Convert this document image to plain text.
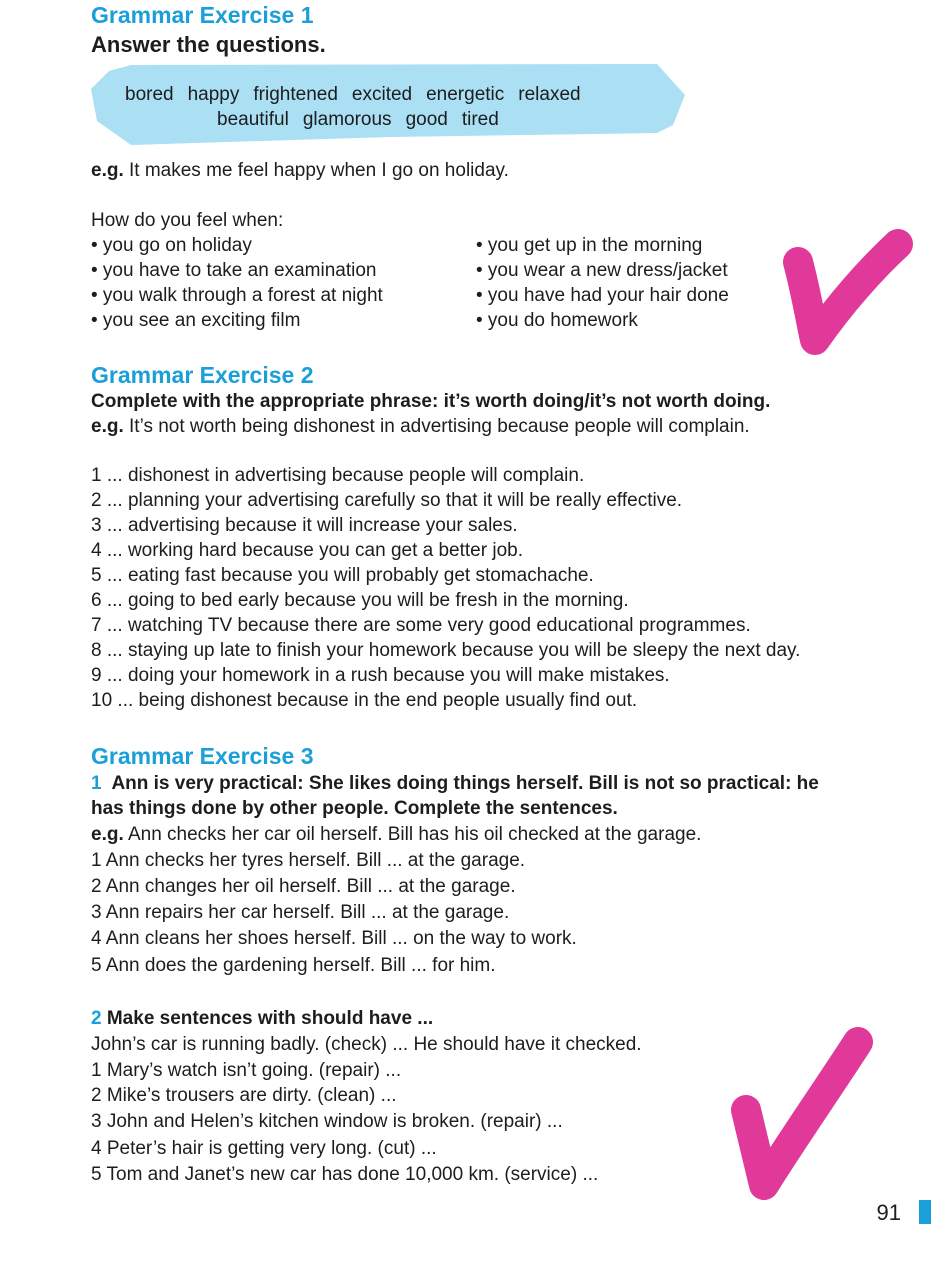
Grammar Exercise 1
Answer the questions.
bored happy frightened excited energetic relaxed
beautiful glamorous good tired
e.g. It makes me feel happy when I go on holiday.
How do you feel when:
• you go on holiday
• you have to take an examination
• you walk through a forest at night
• you see an exciting film
• you get up in the morning
• you wear a new dress/jacket
• you have had your hair done
• you do homework
Grammar Exercise 2
Complete with the appropriate phrase: it’s worth doing/it’s not worth doing.
e.g. It’s not worth being dishonest in advertising because people will complain.
1 ... dishonest in advertising because people will complain.
2 ... planning your advertising carefully so that it will be really effective.
3 ... advertising because it will increase your sales.
4 ... working hard because you can get a better job.
5 ... eating fast because you will probably get stomachache.
6 ... going to bed early because you will be fresh in the morning.
7 ... watching TV because there are some very good educational programmes.
8 ... staying up late to finish your homework because you will be sleepy the next day.
9 ... doing your homework in a rush because you will make mistakes.
10 ... being dishonest because in the end people usually find out.
Grammar Exercise 3
1 Ann is very practical: She likes doing things herself. Bill is not so practical: he
has things done by other people. Complete the sentences.
e.g. Ann checks her car oil herself. Bill has his oil checked at the garage.
1 Ann checks her tyres herself. Bill ... at the garage.
2 Ann changes her oil herself. Bill ... at the garage.
3 Ann repairs her car herself. Bill ... at the garage.
4 Ann cleans her shoes herself. Bill ... on the way to work.
5 Ann does the gardening herself. Bill ... for him.
2 Make sentences with should have ...
John’s car is running badly. (check) ... He should have it checked.
1 Mary’s watch isn’t going. (repair) ...
2 Mike’s trousers are dirty. (clean) ...
3 John and Helen’s kitchen window is broken. (repair) ...
4 Peter’s hair is getting very long. (cut) ...
5 Tom and Janet’s new car has done 10,000 km. (service) ...
91
